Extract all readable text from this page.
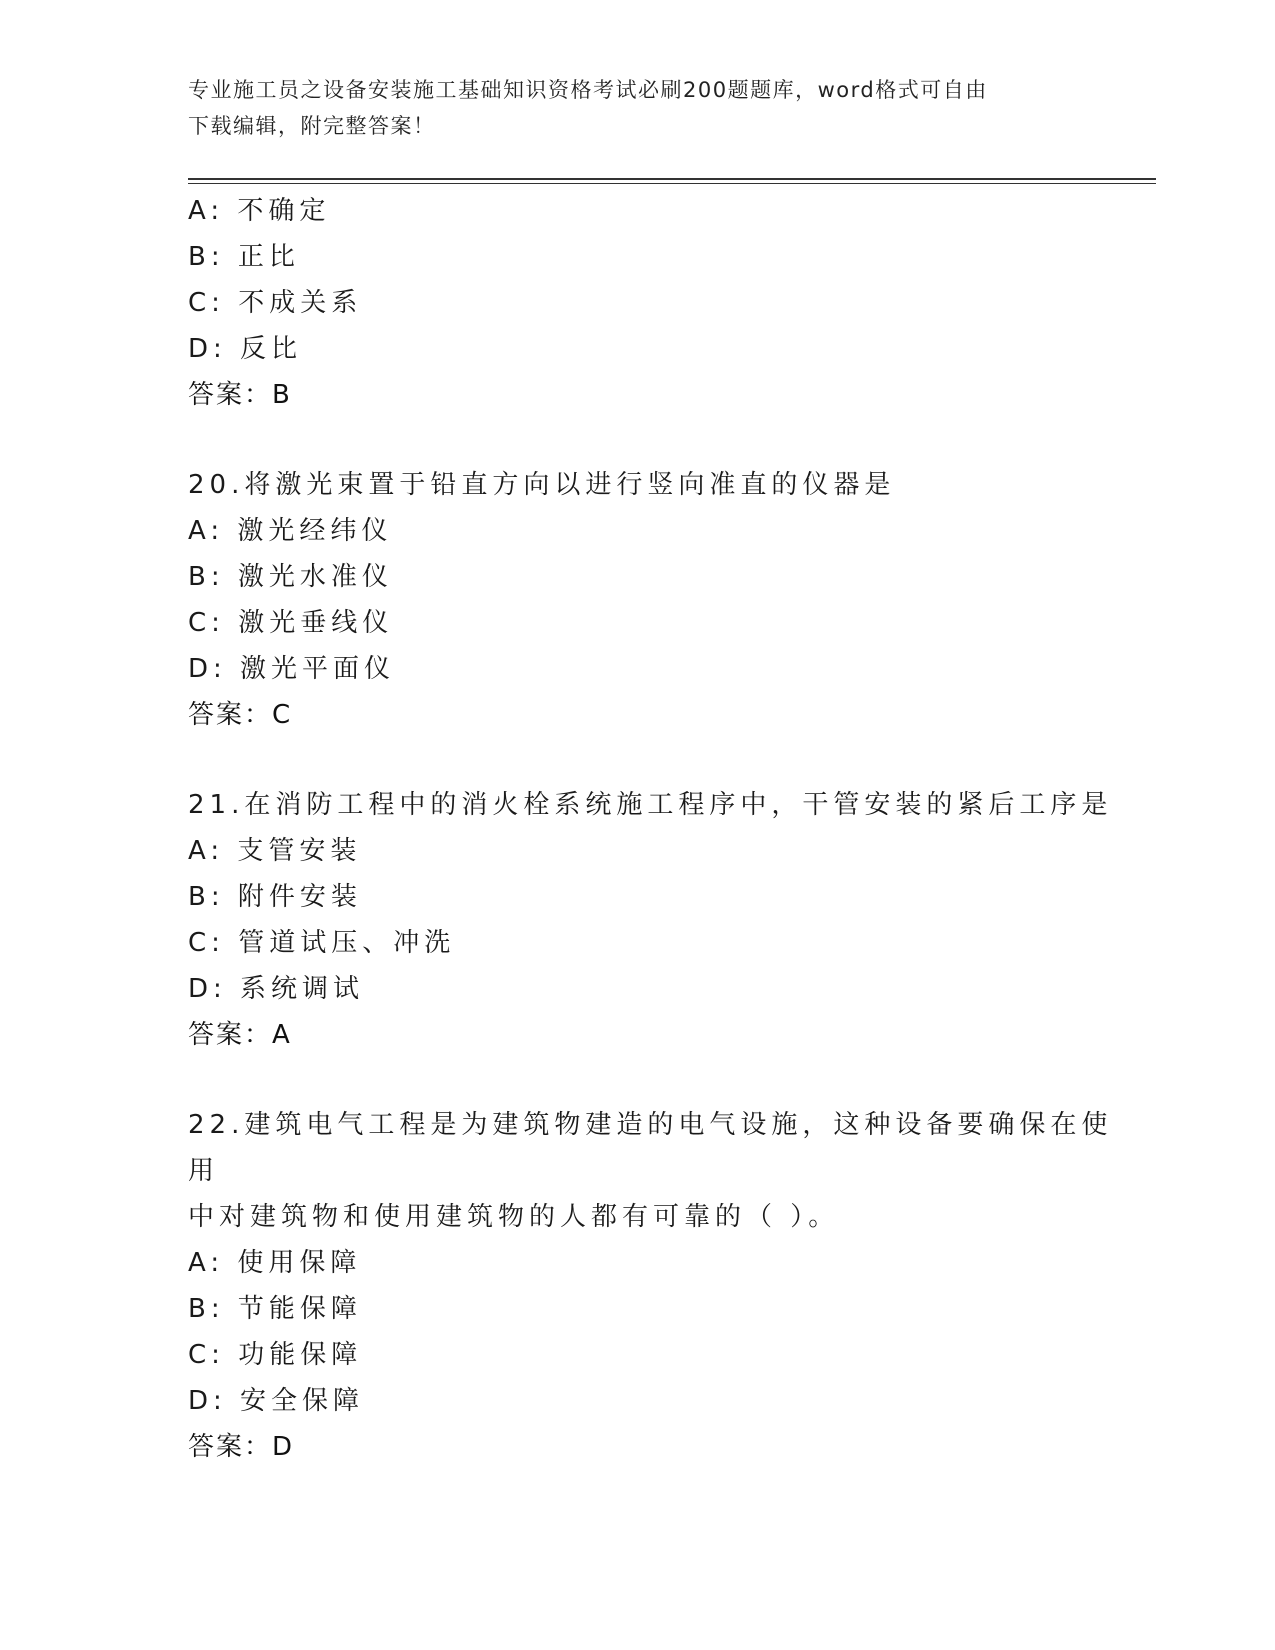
专业施工员之设备安装施工基础知识资格考试必刷200题题库，word格式可自由
下载编辑，附完整答案！
A: 不确定
B: 正比
C: 不成关系
D: 反比
答案：B
20.将激光束置于铅直方向以进行竖向准直的仪器是
A: 激光经纬仪
B: 激光水准仪
C: 激光垂线仪
D: 激光平面仪
答案：C
21.在消防工程中的消火栓系统施工程序中，干管安装的紧后工序是
A: 支管安装
B: 附件安装
C: 管道试压、冲洗
D: 系统调试
答案：A
22.建筑电气工程是为建筑物建造的电气设施，这种设备要确保在使用
中对建筑物和使用建筑物的人都有可靠的（ ）。
A: 使用保障
B: 节能保障
C: 功能保障
D: 安全保障
答案：D
